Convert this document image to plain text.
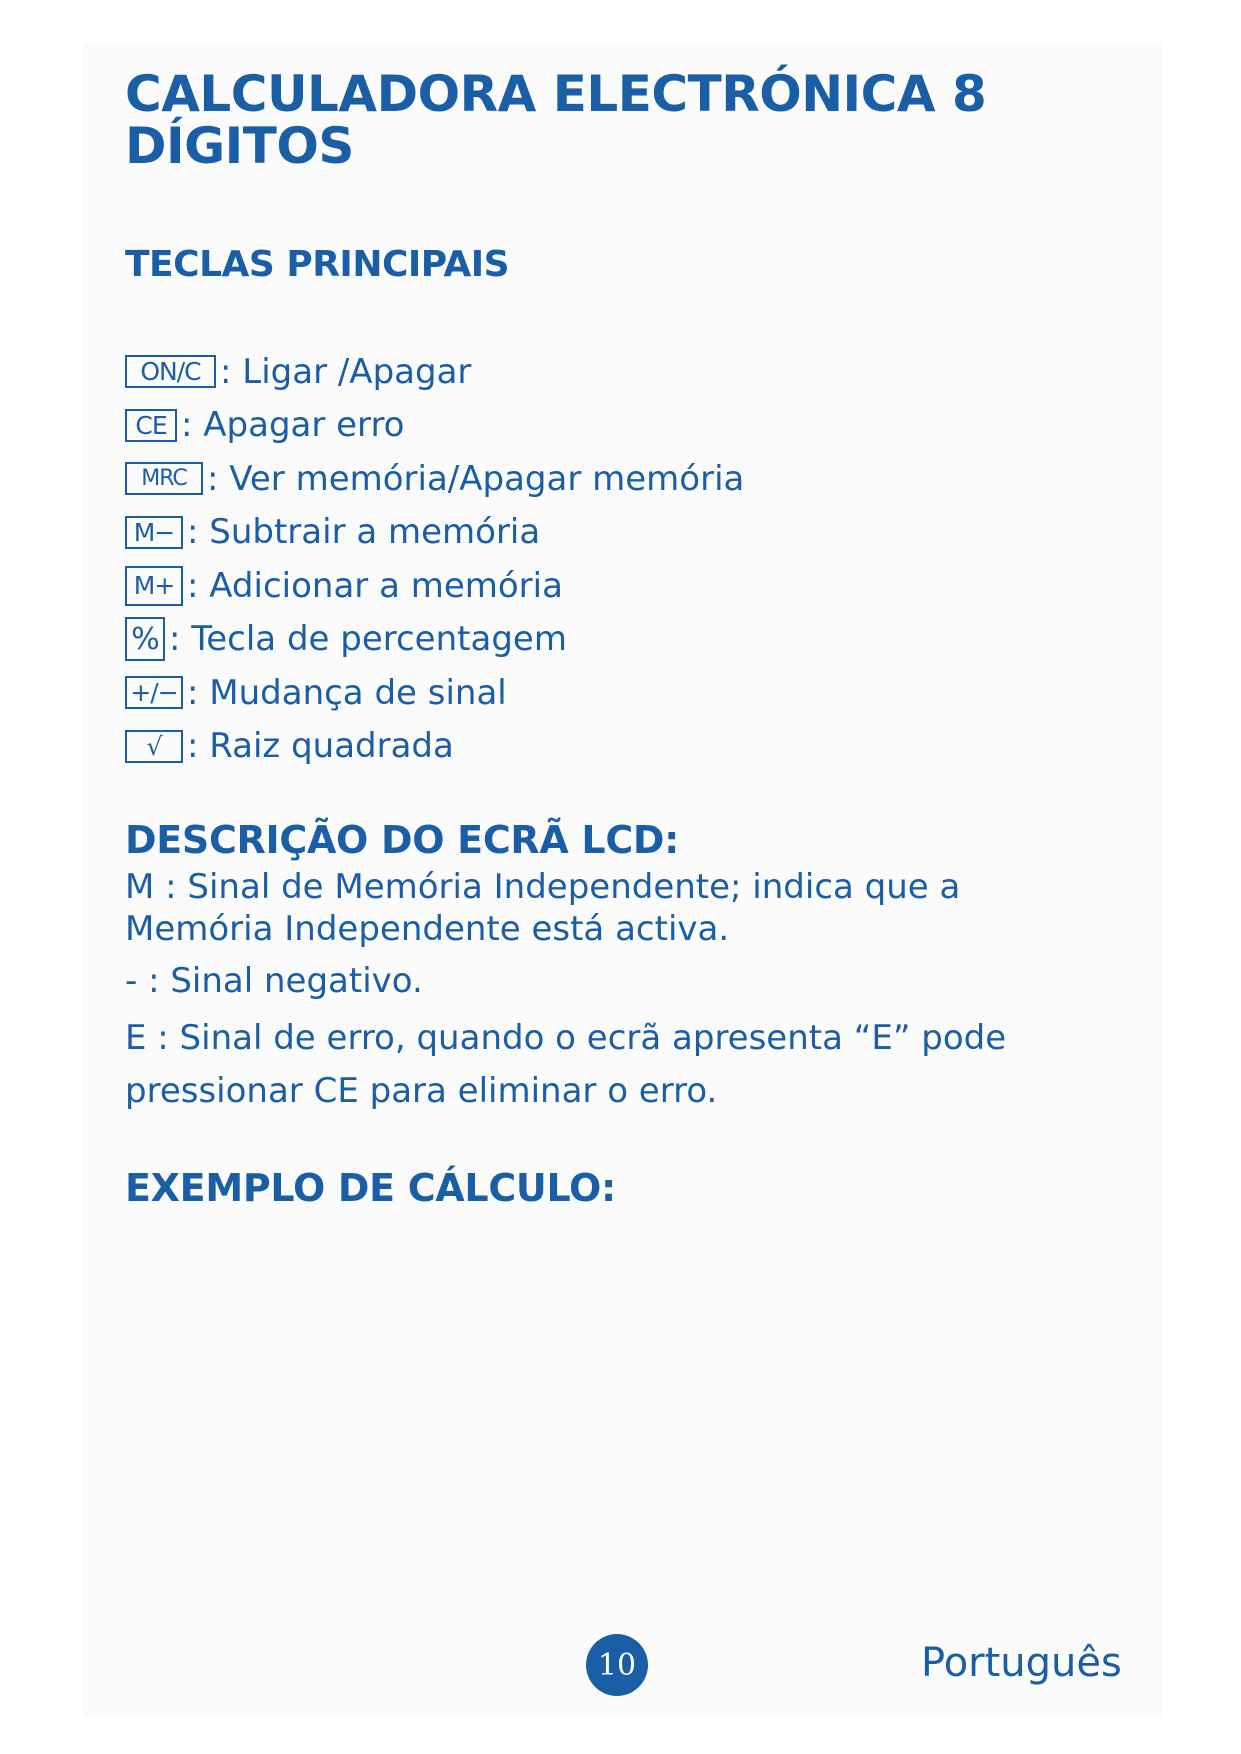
CALCULADORA ELECTRÓNICA 8
DÍGITOS
TECLAS PRINCIPAIS
ON/C : Ligar /Apagar
CE : Apagar erro
MRC : Ver memória/Apagar memória
M− : Subtrair a memória
M+ : Adicionar a memória
% : Tecla de percentagem
+/− : Mudança de sinal
√ : Raiz quadrada
DESCRIÇÃO DO ECRÃ LCD:

M : Sinal de Memória Independente; indica que a
Memória Independente está activa.

- : Sinal negativo.

E : Sinal de erro, quando o ecrã apresenta “E” pode
pressionar CE para eliminar o erro.

EXEMPLO DE CÁLCULO:
10	Português
